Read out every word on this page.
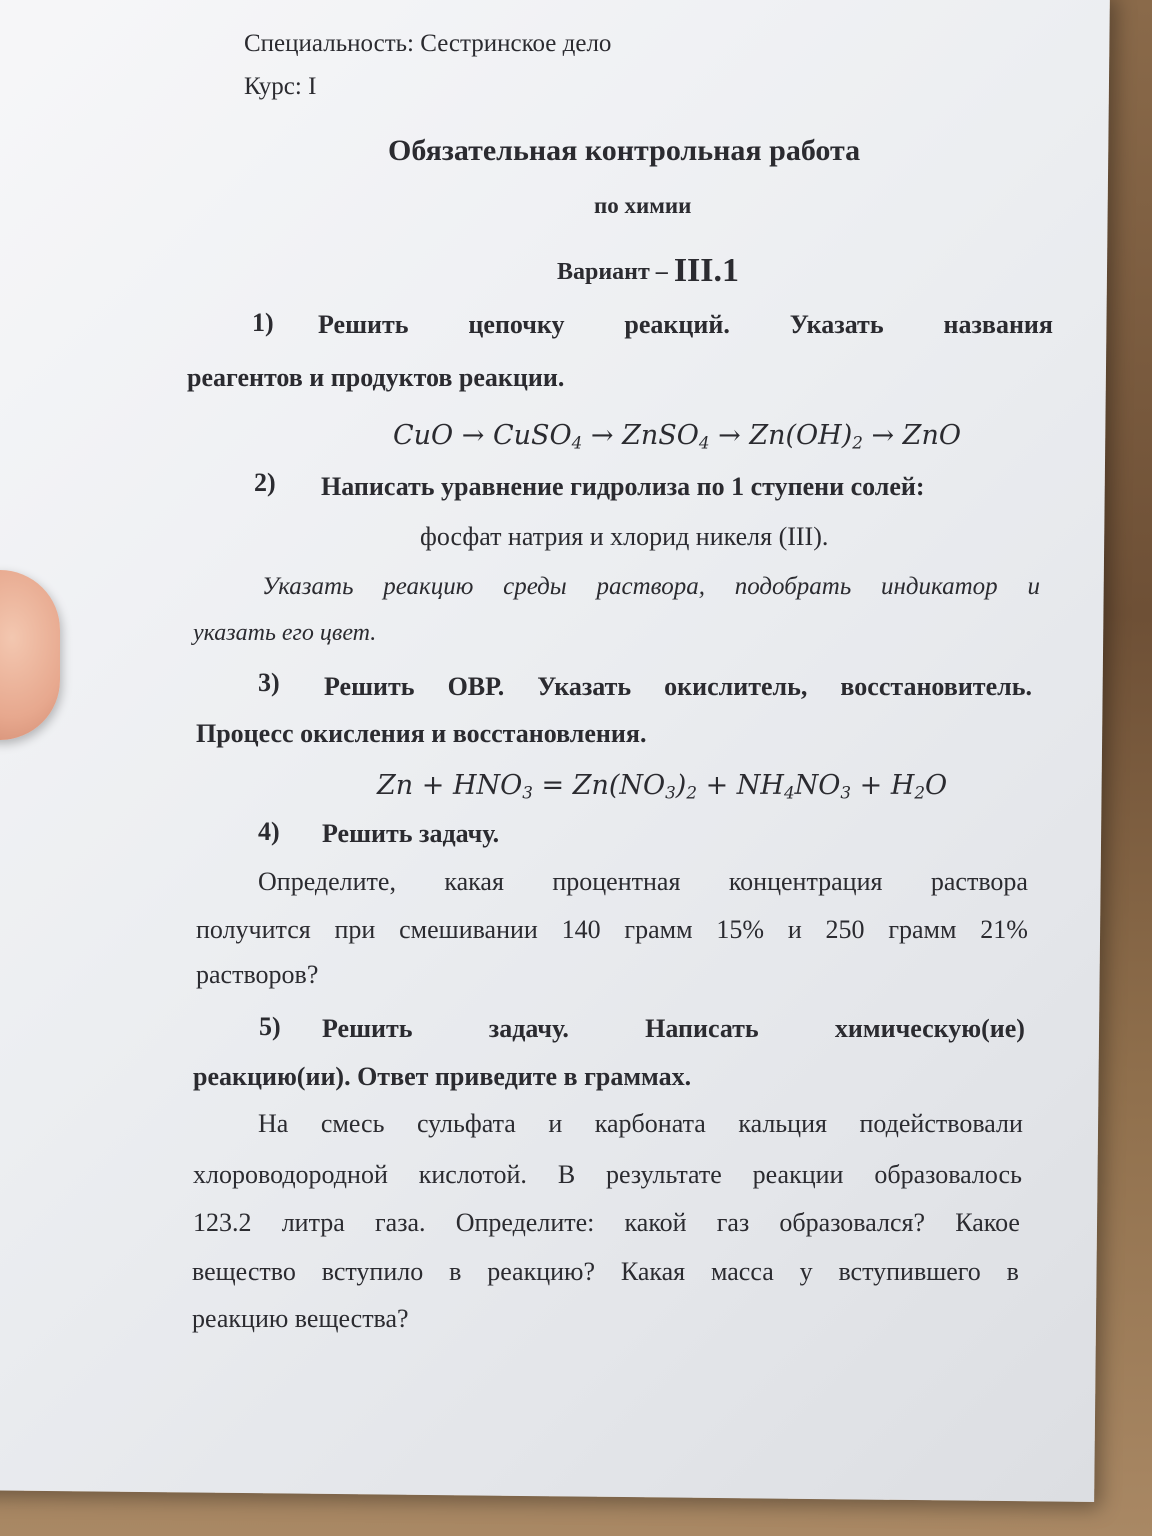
Специальность: Сестринское дело
Курс: I
Обязательная контрольная работа
по химии
Вариант – III.1
1) Решить цепочку реакций. Указать названия
реагентов и продуктов реакции.
CuO → CuSO$_4$ → ZnSO$_4$ → $Zn(OH)_2$ → ZnO
2) Написать уравнение гидролиза по 1 ступени солей:
фосфат натрия и хлорид никеля (III).
Указать реакцию среды раствора, подобрать индикатор и
указать его цвет.
3) Решить ОВР. Указать окислитель, восстановитель.
Процесс окисления и восстановления.
$Zn + HNO_3 = Zn(NO_3)_2 + NH_4NO_3 + H_2O$
4) Решить задачу.
Определите, какая процентная концентрация раствора
получится при смешивании 140 грамм 15% и 250 грамм 21%
растворов?
5) Решить	задачу.	Написать	химическую(ие)
реакцию(ии). Ответ приведите в граммах.
На смесь сульфата и карбоната кальция подействовали
хлороводородной кислотой. В результате реакции образовалось
123.2 литра газа. Определите: какой газ образовался? Какое
вещество вступило в реакцию? Какая масса у вступившего в
реакцию вещества?
